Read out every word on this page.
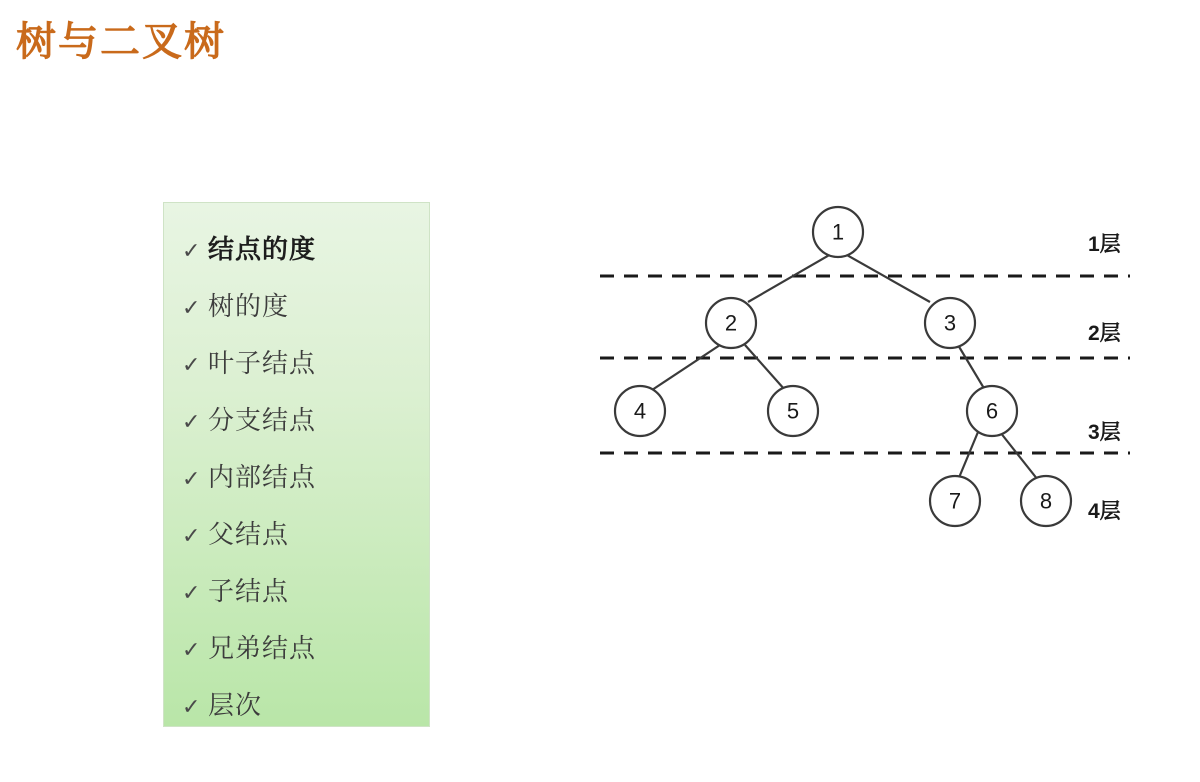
树与二叉树
✓ 结点的度
✓ 树的度
✓ 叶子结点
✓ 分支结点
✓ 内部结点
✓ 父结点
✓ 子结点
✓ 兄弟结点
✓ 层次
1
2	3
4	5	6
7	8
1层
2层
3层
4层
